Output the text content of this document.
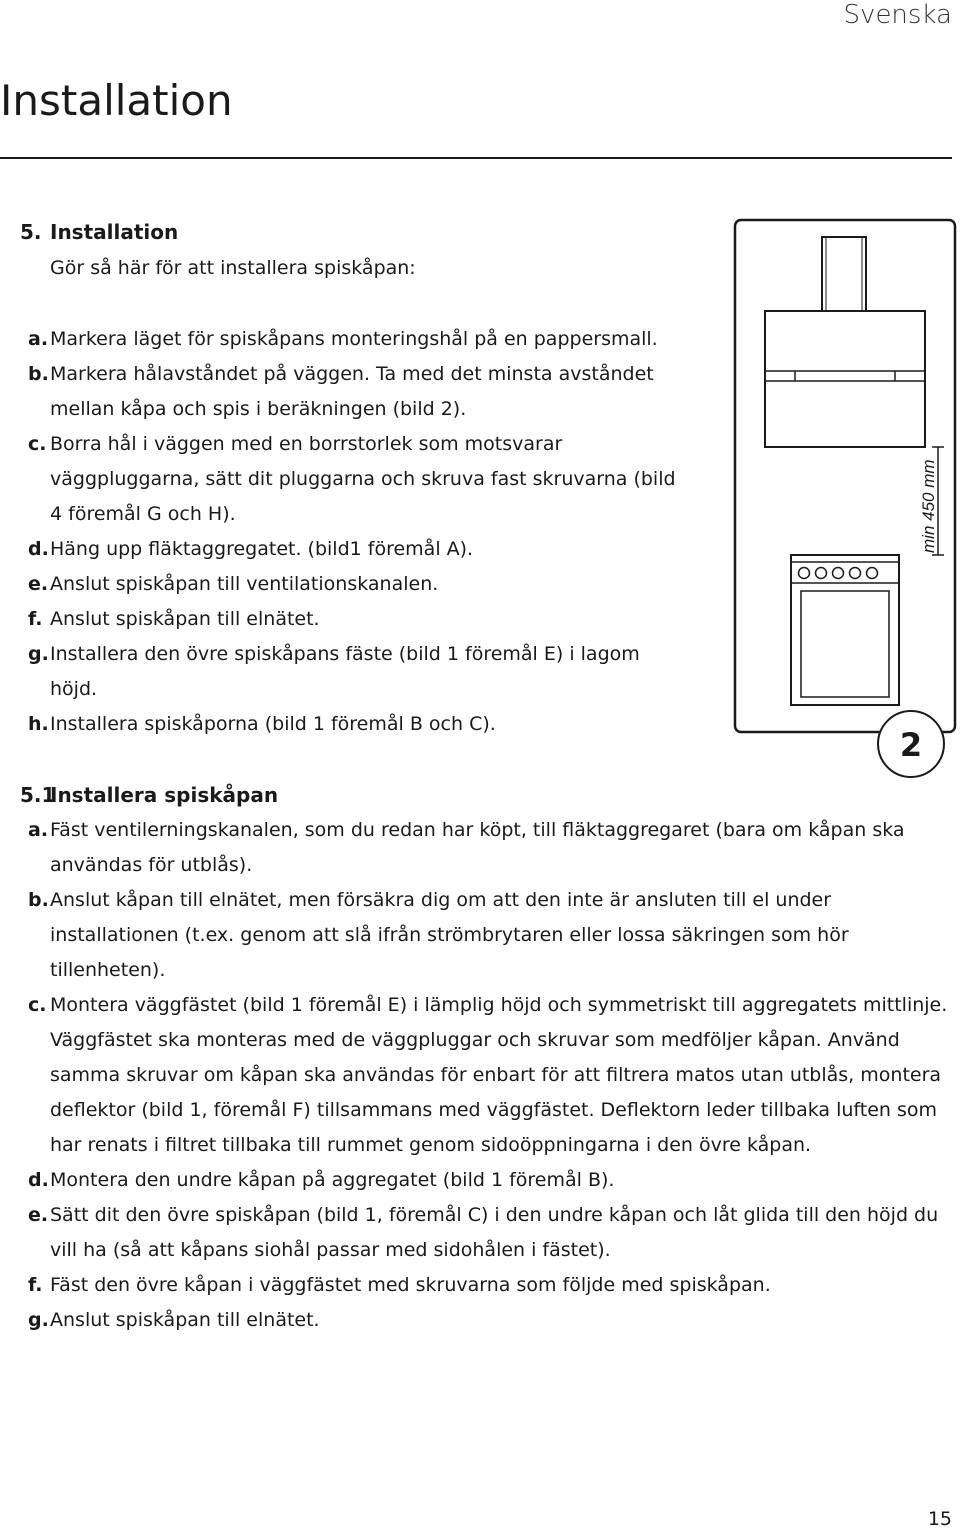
Svenska
Installation
5. Installation
Gör så här för att installera spiskåpan:
a. Markera läget för spiskåpans monteringshål på en pappersmall.
b. Markera hålavståndet på väggen. Ta med det minsta avståndet mellan kåpa och spis i beräkningen (bild 2).
c. Borra hål i väggen med en borrstorlek som motsvarar väggpluggarna, sätt dit pluggarna och skruva fast skruvarna (bild 4 föremål G och H).
d. Häng upp fläktaggregatet. (bild1 föremål A).
e. Anslut spiskåpan till ventilationskanalen.
f. Anslut spiskåpan till elnätet.
g. Installera den övre spiskåpans fäste (bild 1 föremål E) i lagom höjd.
h. Installera spiskåporna (bild 1 föremål B och C).
min 450 mm
2
5.1Installera spiskåpan
a. Fäst ventilerningskanalen, som du redan har köpt, till fläktaggregaret (bara om kåpan ska användas för utblås).
b. Anslut kåpan till elnätet, men försäkra dig om att den inte är ansluten till el under installationen (t.ex. genom att slå ifrån strömbrytaren eller lossa säkringen som hör tillenheten).
c. Montera väggfästet (bild 1 föremål E) i lämplig höjd och symmetriskt till aggregatets mittlinje. Väggfästet ska monteras med de väggpluggar och skruvar som medföljer kåpan. Använd samma skruvar om kåpan ska användas för enbart för att filtrera matos utan utblås, montera deflektor (bild 1, föremål F) tillsammans med väggfästet. Deflektorn leder tillbaka luften som har renats i filtret tillbaka till rummet genom sidoöppningarna i den övre kåpan.
d. Montera den undre kåpan på aggregatet (bild 1 föremål B).
e. Sätt dit den övre spiskåpan (bild 1, föremål C) i den undre kåpan och låt glida till den höjd du vill ha (så att kåpans siohål passar med sidohålen i fästet).
f. Fäst den övre kåpan i väggfästet med skruvarna som följde med spiskåpan.
g. Anslut spiskåpan till elnätet.
15
